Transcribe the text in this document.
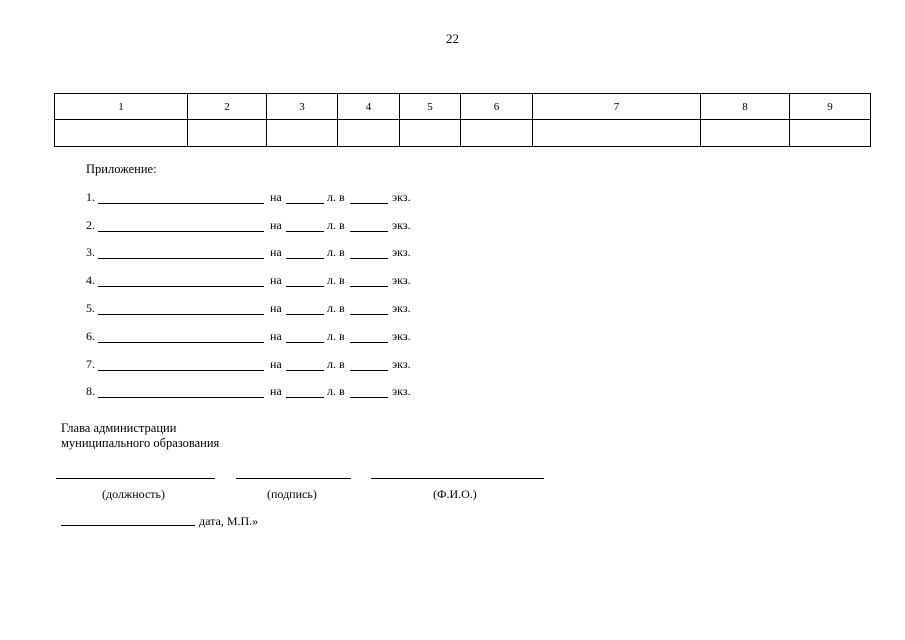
22
1	2	3	4	5	6	7	8	9

Приложение:
1.	на	л. в	экз.
2.	на	л. в	экз.
3.	на	л. в	экз.
4.	на	л. в	экз.
5.	на	л. в	экз.
6.	на	л. в	экз.
7.	на	л. в	экз.
8.	на	л. в	экз.
Глава администрации
муниципального образования
(должность)	(подпись)	(Ф.И.О.)
дата, М.П.»
